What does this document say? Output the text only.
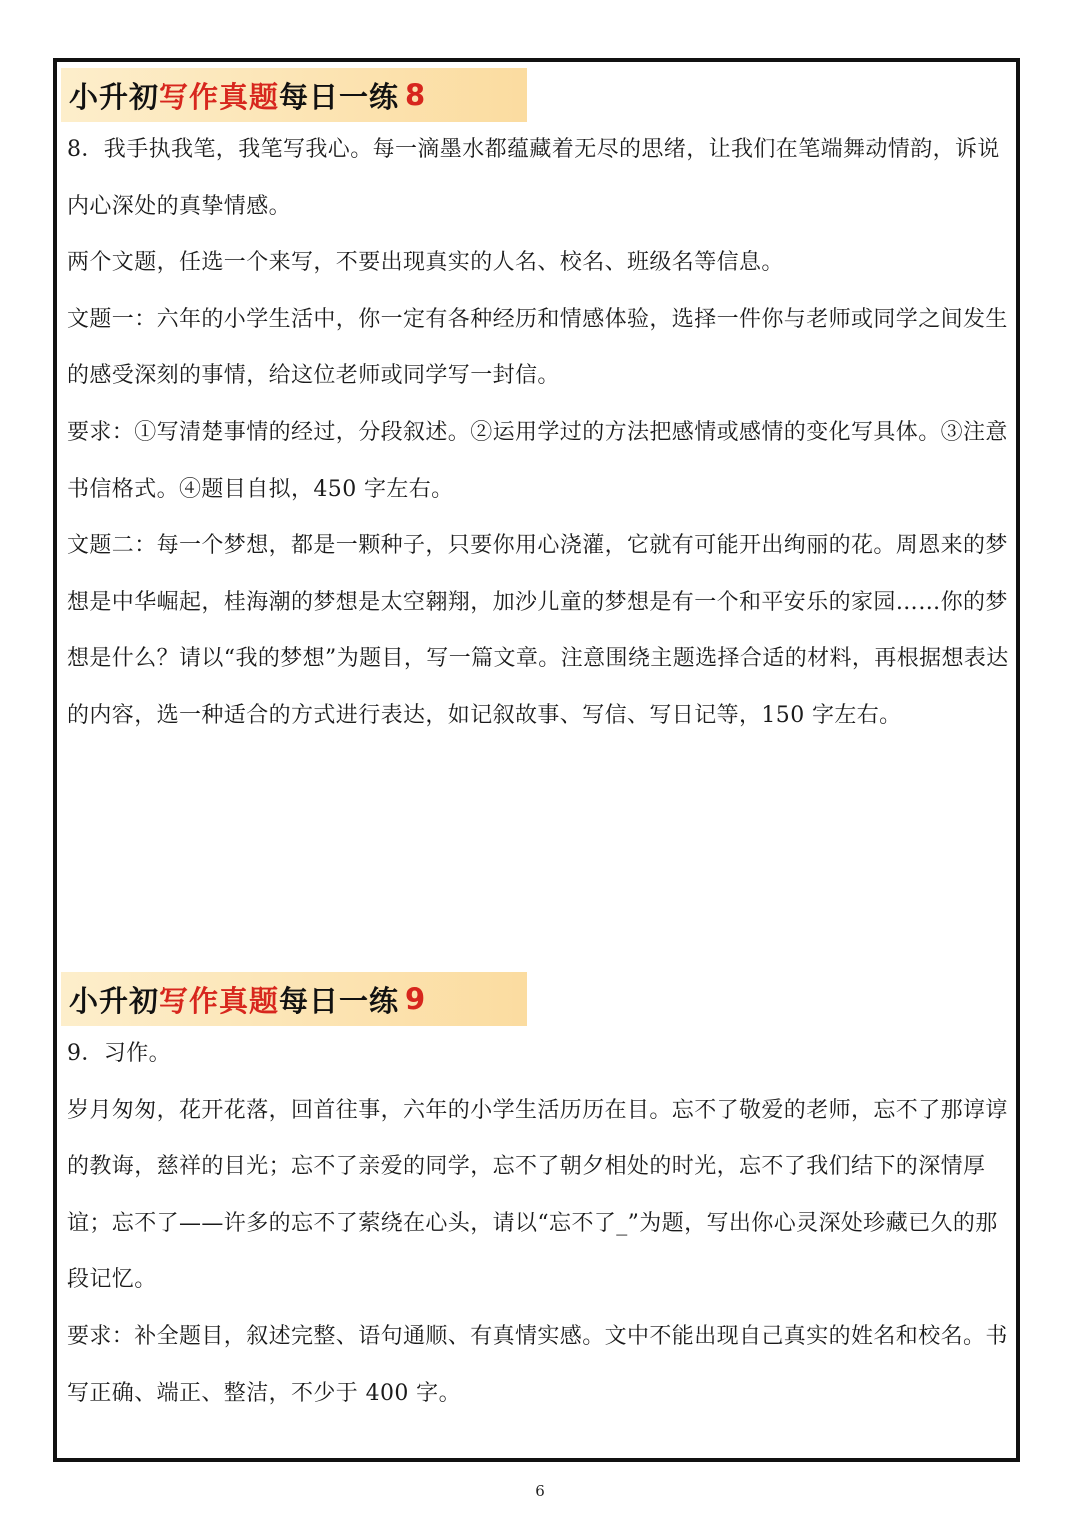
小升初 写作真题 每日一练 8

8．我手执我笔，我笔写我心。每一滴墨水都蕴藏着无尽的思绪，让我们在笔端舞动情韵，诉说内心深处的真挚情感。

两个文题，任选一个来写，不要出现真实的人名、校名、班级名等信息。

文题一：六年的小学生活中，你一定有各种经历和情感体验，选择一件你与老师或同学之间发生的感受深刻的事情，给这位老师或同学写一封信。

要求：①写清楚事情的经过，分段叙述。②运用学过的方法把感情或感情的变化写具体。③注意书信格式。④题目自拟，450 字左右。

文题二：每一个梦想，都是一颗种子，只要你用心浇灌，它就有可能开出绚丽的花。周恩来的梦想是中华崛起，桂海潮的梦想是太空翱翔，加沙儿童的梦想是有一个和平安乐的家园……你的梦想是什么？请以“我的梦想”为题目，写一篇文章。注意围绕主题选择合适的材料，再根据想表达的内容，选一种适合的方式进行表达，如记叙故事、写信、写日记等，150 字左右。

小升初 写作真题 每日一练 9

9．习作。

岁月匆匆，花开花落，回首往事，六年的小学生活历历在目。忘不了敬爱的老师，忘不了那谆谆的教诲，慈祥的目光；忘不了亲爱的同学，忘不了朝夕相处的时光，忘不了我们结下的深情厚谊；忘不了——许多的忘不了萦绕在心头，请以“忘不了_”为题，写出你心灵深处珍藏已久的那段记忆。

要求：补全题目，叙述完整、语句通顺、有真情实感。文中不能出现自己真实的姓名和校名。书写正确、端正、整洁，不少于 400 字。

6
